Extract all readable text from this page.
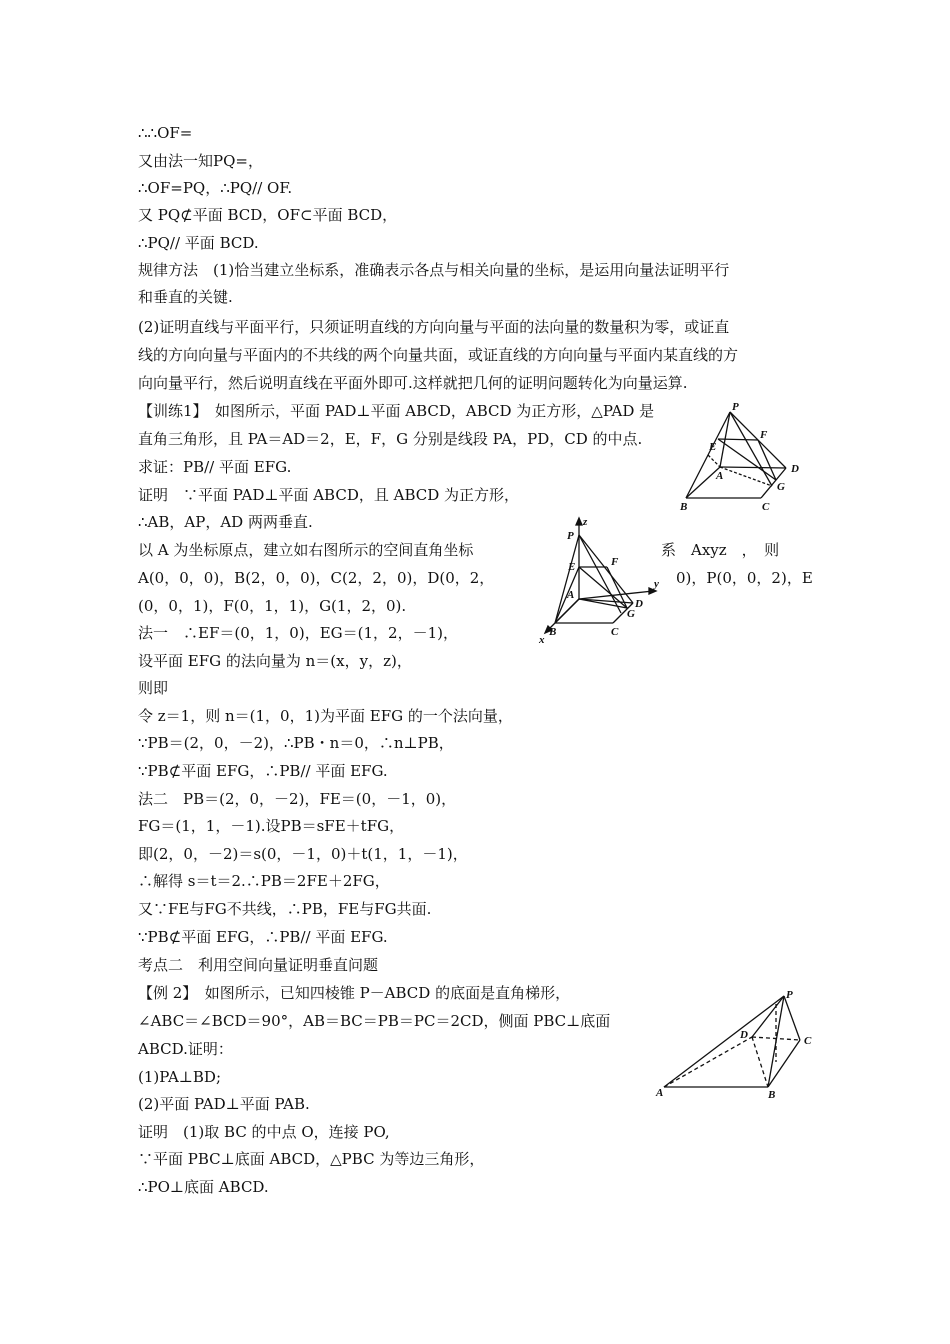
∴∴OF=
又由法一知PQ=，
∴OF=PQ，∴PQ// OF.
又 PQ⊄平面 BCD，OF⊂平面 BCD，
∴PQ// 平面 BCD.
规律方法　(1)恰当建立坐标系，准确表示各点与相关向量的坐标，是运用向量法证明平行
和垂直的关键.
(2)证明直线与平面平行，只须证明直线的方向向量与平面的法向量的数量积为零，或证直
线的方向向量与平面内的不共线的两个向量共面，或证直线的方向向量与平面内某直线的方
向向量平行，然后说明直线在平面外即可.这样就把几何的证明问题转化为向量运算.
【训练1】　如图所示，平面 PAD⊥平面 ABCD，ABCD 为正方形，△PAD 是
直角三角形，且 PA＝AD＝2，E，F，G 分别是线段 PA，PD，CD 的中点.
求证：PB// 平面 EFG.
证明　∵平面 PAD⊥平面 ABCD，且 ABCD 为正方形，
∴AB，AP，AD 两两垂直.
以 A 为坐标原点，建立如右图所示的空间直角坐标	系　Axyz　，　则
A(0，0，0)，B(2，0，0)，C(2，2，0)，D(0，2，	0)，P(0，0，2)，E
(0，0，1)，F(0，1，1)，G(1，2，0).
法一　∴EF＝(0，1，0)，EG＝(1，2，－1)，
设平面 EFG 的法向量为 n＝(x，y，z)，
则即
令 z＝1，则 n＝(1，0，1)为平面 EFG 的一个法向量，
∵PB＝(2，0，－2)，∴PB・n＝0，∴n⊥PB，
∵PB⊄平面 EFG，∴PB// 平面 EFG.
法二　PB＝(2，0，－2)，FE＝(0，－1，0)，
FG＝(1，1，－1).设PB＝sFE＋tFG，
即(2，0，－2)＝s(0，－1，0)＋t(1，1，－1)，
∴解得 s＝t＝2.∴PB＝2FE＋2FG，
又∵FE与FG不共线，∴PB，FE与FG共面.
∵PB⊄平面 EFG，∴PB// 平面 EFG.
考点二　利用空间向量证明垂直问题
【例 2】　如图所示，已知四棱锥 P－ABCD 的底面是直角梯形，
∠ABC＝∠BCD＝90°，AB＝BC＝PB＝PC＝2CD，侧面 PBC⊥底面
ABCD.证明：
(1)PA⊥BD;
(2)平面 PAD⊥平面 PAB.
证明　(1)取 BC 的中点 O，连接 PO,
∵平面 PBC⊥底面 ABCD，△PBC 为等边三角形，
∴PO⊥底面 ABCD.
P
F
E
D
A
G
B	C
z
P
F
E
y
A
G
D
B	C
x
P
D	C
A	B
